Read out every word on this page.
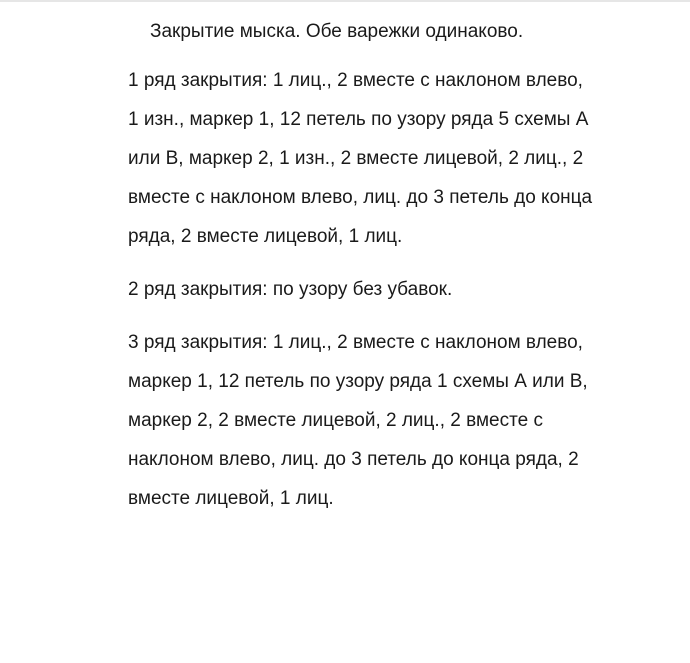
Закрытие мыска. Обе варежки одинаково.

1 ряд закрытия: 1 лиц., 2 вместе с наклоном влево, 1 изн., маркер 1, 12 петель по узору ряда 5 схемы А или В, маркер 2, 1 изн., 2 вместе лицевой, 2 лиц., 2 вместе с наклоном влево, лиц. до 3 петель до конца ряда, 2 вместе лицевой, 1 лиц.

2 ряд закрытия: по узору без убавок.

3 ряд закрытия: 1 лиц., 2 вместе с наклоном влево, маркер 1, 12 петель по узору ряда 1 схемы А или В, маркер 2, 2 вместе лицевой, 2 лиц., 2 вместе с наклоном влево, лиц. до 3 петель до конца ряда, 2 вместе лицевой, 1 лиц.
